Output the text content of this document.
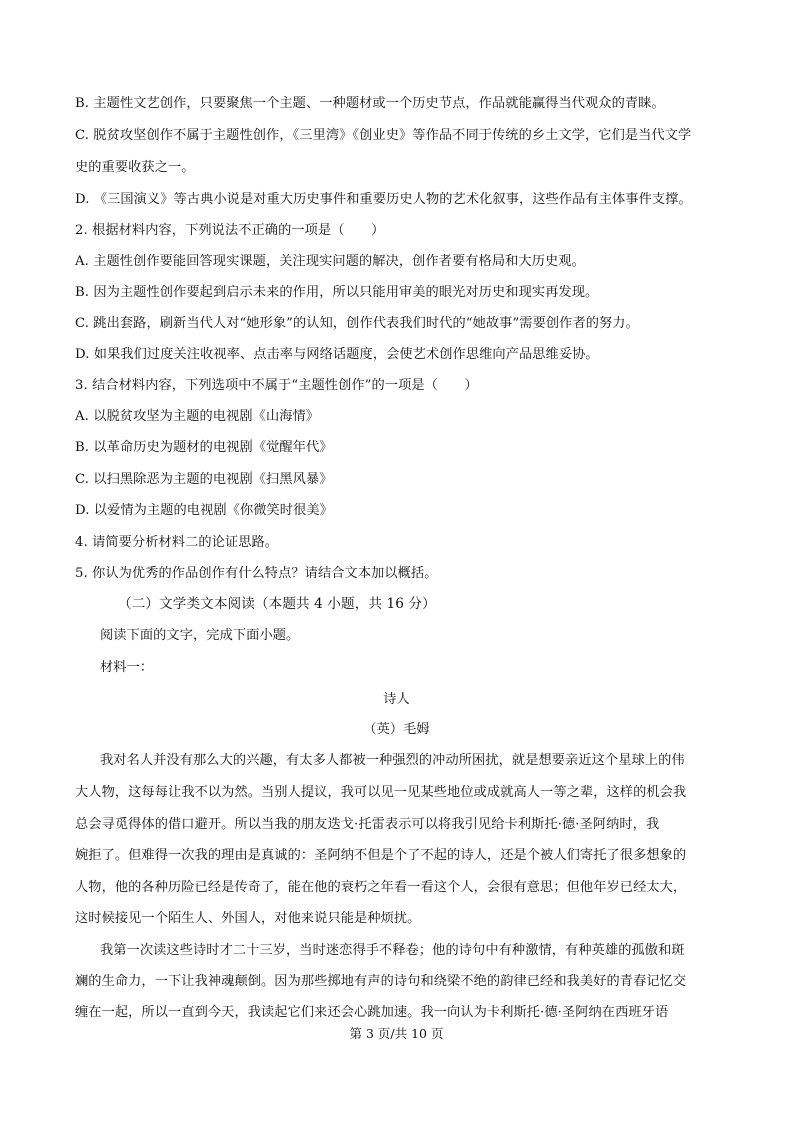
B. 主题性文艺创作，只要聚焦一个主题、一种题材或一个历史节点，作品就能赢得当代观众的青睐。
C. 脱贫攻坚创作不属于主题性创作，《三里湾》《创业史》等作品不同于传统的乡土文学，它们是当代文学
史的重要收获之一。
D. 《三国演义》等古典小说是对重大历史事件和重要历史人物的艺术化叙事，这些作品有主体事件支撑。
2. 根据材料内容，下列说法不正确的一项是（　　）
A. 主题性创作要能回答现实课题，关注现实问题的解决，创作者要有格局和大历史观。
B. 因为主题性创作要起到启示未来的作用，所以只能用审美的眼光对历史和现实再发现。
C. 跳出套路，刷新当代人对“她形象”的认知，创作代表我们时代的“她故事”需要创作者的努力。
D. 如果我们过度关注收视率、点击率与网络话题度，会使艺术创作思维向产品思维妥协。
3. 结合材料内容，下列选项中不属于“主题性创作”的一项是（　　）
A. 以脱贫攻坚为主题的电视剧《山海情》
B. 以革命历史为题材的电视剧《觉醒年代》
C. 以扫黑除恶为主题的电视剧《扫黑风暴》
D. 以爱情为主题的电视剧《你微笑时很美》
4. 请简要分析材料二的论证思路。
5. 你认为优秀的作品创作有什么特点？请结合文本加以概括。
（二）文学类文本阅读（本题共 4 小题，共 16 分）
阅读下面的文字，完成下面小题。
材料一：
诗人
（英）毛姆
我对名人并没有那么大的兴趣，有太多人都被一种强烈的冲动所困扰，就是想要亲近这个星球上的伟
大人物，这每每让我不以为然。当别人提议，我可以见一见某些地位或成就高人一等之辈，这样的机会我
总会寻觅得体的借口避开。所以当我的朋友迭戈·托雷表示可以将我引见给卡利斯托·德·圣阿纳时，我
婉拒了。但难得一次我的理由是真诚的：圣阿纳不但是个了不起的诗人，还是个被人们寄托了很多想象的
人物，他的各种历险已经是传奇了，能在他的衰朽之年看一看这个人，会很有意思；但他年岁已经太大，
这时候接见一个陌生人、外国人，对他来说只能是种烦扰。
我第一次读这些诗时才二十三岁，当时迷恋得手不释卷；他的诗句中有种激情，有种英雄的孤傲和斑
斓的生命力，一下让我神魂颠倒。因为那些掷地有声的诗句和绕梁不绝的韵律已经和我美好的青春记忆交
缠在一起，所以一直到今天，我读起它们来还会心跳加速。我一向认为卡利斯托·德·圣阿纳在西班牙语
第 3 页/共 10 页
